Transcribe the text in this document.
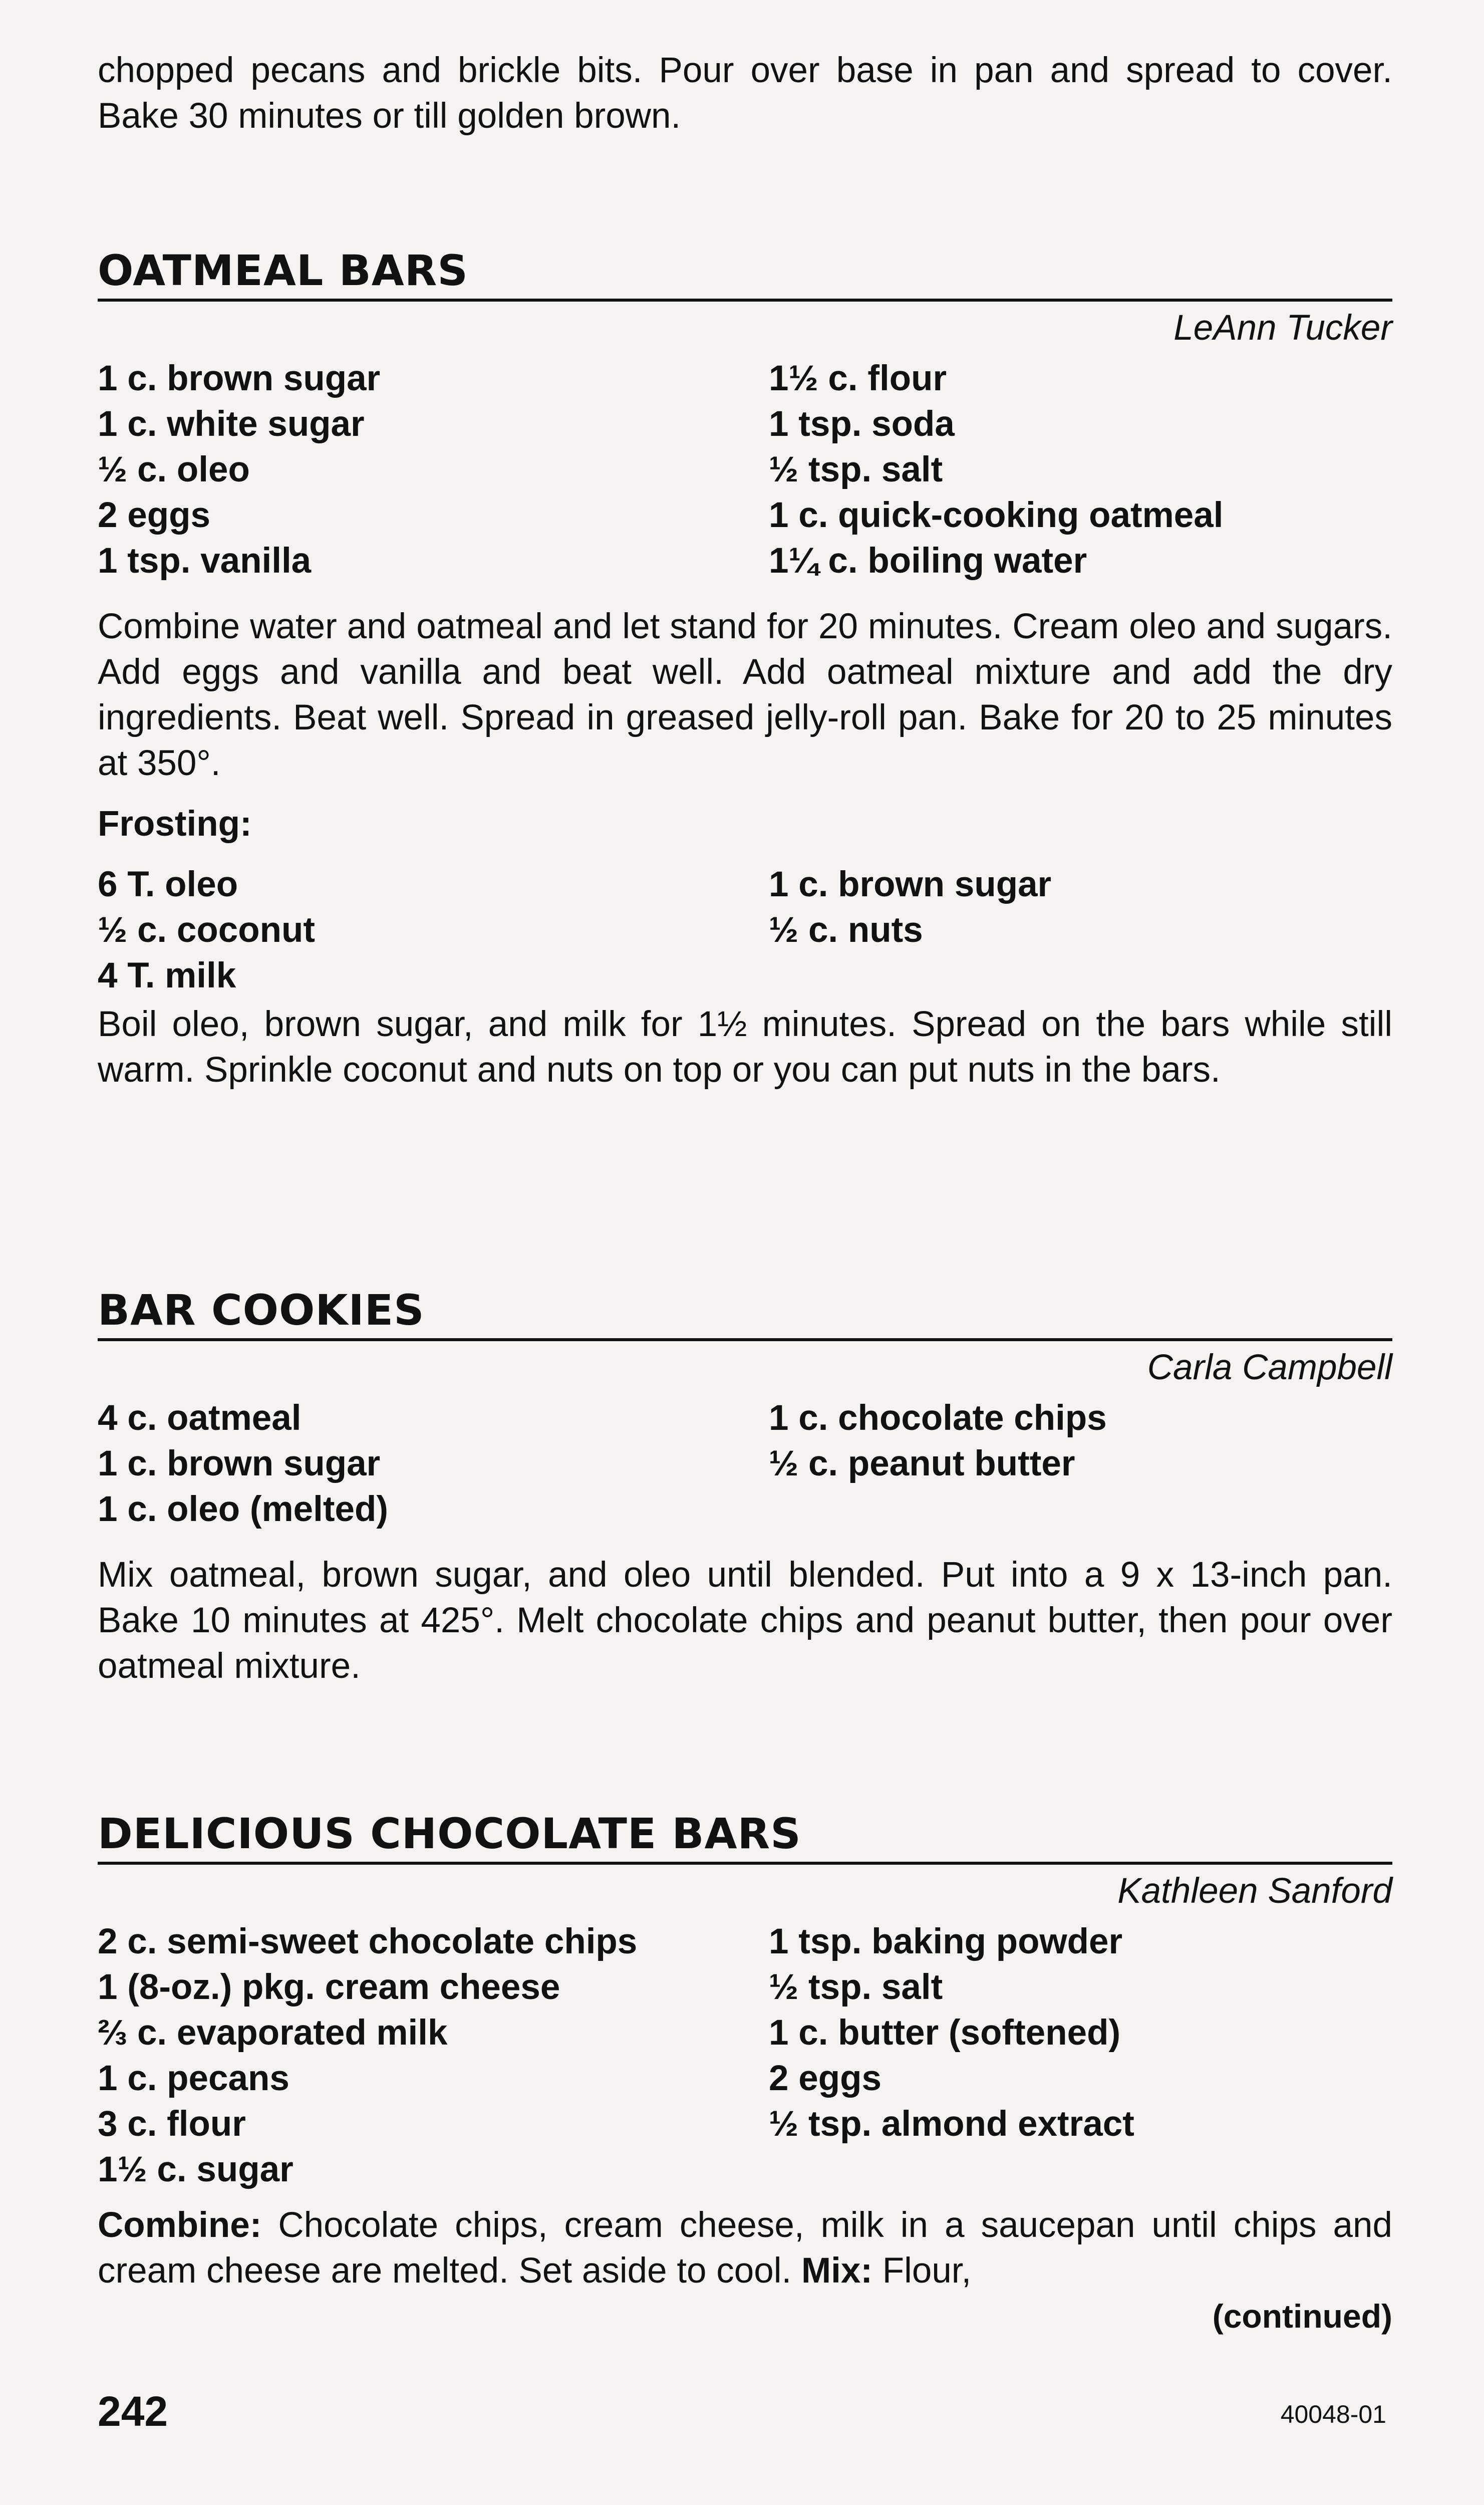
chopped pecans and brickle bits. Pour over base in pan and spread to cover. Bake 30 minutes or till golden brown.

OATMEAL BARS
LeAnn Tucker
1 c. brown sugar
1 c. white sugar
½ c. oleo
2 eggs
1 tsp. vanilla
1½ c. flour
1 tsp. soda
½ tsp. salt
1 c. quick-cooking oatmeal
1¼ c. boiling water

Combine water and oatmeal and let stand for 20 minutes. Cream oleo and sugars. Add eggs and vanilla and beat well. Add oatmeal mixture and add the dry ingredients. Beat well. Spread in greased jelly-roll pan. Bake for 20 to 25 minutes at 350°.

Frosting:
6 T. oleo
½ c. coconut
4 T. milk
1 c. brown sugar
½ c. nuts

Boil oleo, brown sugar, and milk for 1½ minutes. Spread on the bars while still warm. Sprinkle coconut and nuts on top or you can put nuts in the bars.

BAR COOKIES
Carla Campbell
4 c. oatmeal
1 c. brown sugar
1 c. oleo (melted)
1 c. chocolate chips
½ c. peanut butter

Mix oatmeal, brown sugar, and oleo until blended. Put into a 9 x 13-inch pan. Bake 10 minutes at 425°. Melt chocolate chips and peanut butter, then pour over oatmeal mixture.

DELICIOUS CHOCOLATE BARS
Kathleen Sanford
2 c. semi-sweet chocolate chips
1 (8-oz.) pkg. cream cheese
⅔ c. evaporated milk
1 c. pecans
3 c. flour
1½ c. sugar
1 tsp. baking powder
½ tsp. salt
1 c. butter (softened)
2 eggs
½ tsp. almond extract

Combine: Chocolate chips, cream cheese, milk in a saucepan until chips and cream cheese are melted. Set aside to cool. Mix: Flour,

(continued)
242	40048-01
